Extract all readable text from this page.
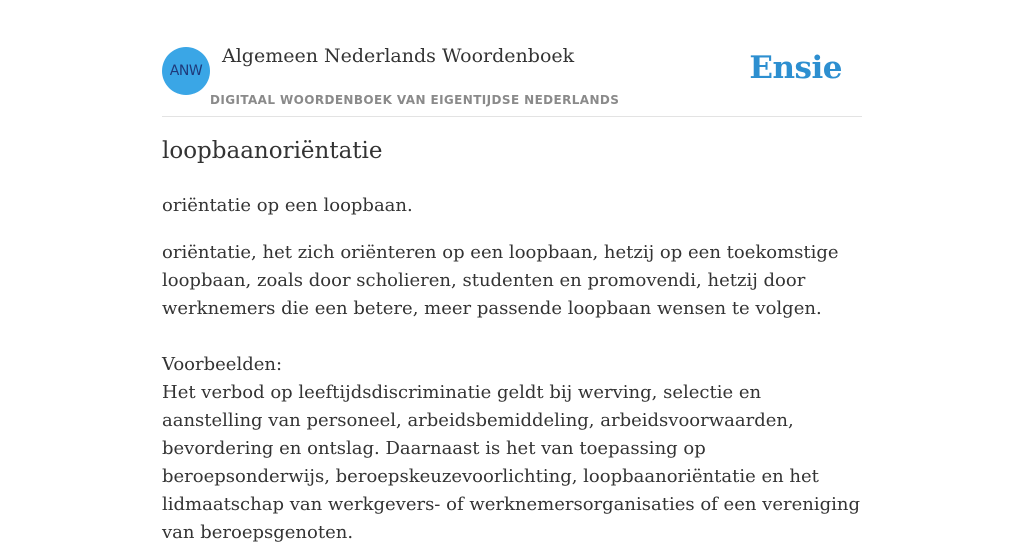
ANW
Algemeen Nederlands Woordenboek
DIGITAAL WOORDENBOEK VAN EIGENTIJDSE NEDERLANDS
Ensie
loopbaanoriëntatie
oriëntatie op een loopbaan.

oriëntatie, het zich oriënteren op een loopbaan, hetzij op een toekomstige loopbaan, zoals door scholieren, studenten en promovendi, hetzij door werknemers die een betere, meer passende loopbaan wensen te volgen.

Voorbeelden:

Het verbod op leeftijdsdiscriminatie geldt bij werving, selectie en aanstelling van personeel, arbeidsbemiddeling, arbeidsvoorwaarden, bevordering en ontslag. Daarnaast is het van toepassing op beroepsonderwijs, beroepskeuzevoorlichting, loopbaanoriëntatie en het lidmaatschap van werkgevers- of werknemersorganisaties of een vereniging van beroepsgenoten.
